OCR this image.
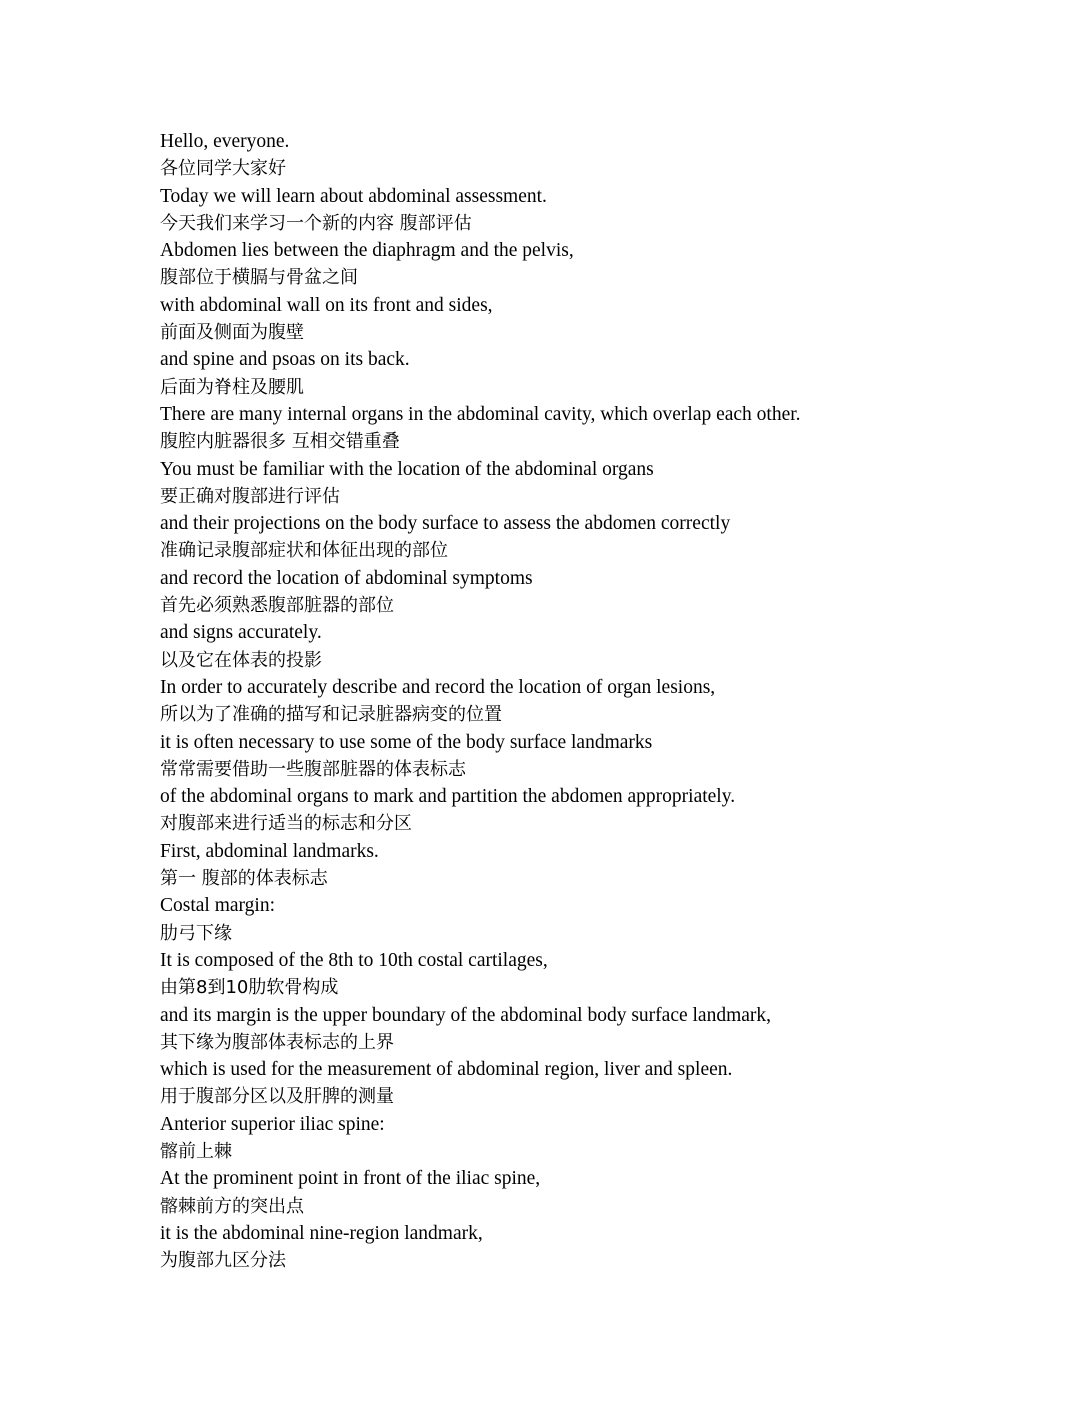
Hello, everyone.
各位同学大家好
Today we will learn about abdominal assessment.
今天我们来学习一个新的内容 腹部评估
Abdomen lies between the diaphragm and the pelvis,
腹部位于横膈与骨盆之间
with abdominal wall on its front and sides,
前面及侧面为腹壁
and spine and psoas on its back.
后面为脊柱及腰肌
There are many internal organs in the abdominal cavity, which overlap each other.
腹腔内脏器很多 互相交错重叠
You must be familiar with the location of the abdominal organs
要正确对腹部进行评估
and their projections on the body surface to assess the abdomen correctly
准确记录腹部症状和体征出现的部位
and record the location of abdominal symptoms
首先必须熟悉腹部脏器的部位
and signs accurately.
以及它在体表的投影
In order to accurately describe and record the location of organ lesions,
所以为了准确的描写和记录脏器病变的位置
it is often necessary to use some of the body surface landmarks
常常需要借助一些腹部脏器的体表标志
of the abdominal organs to mark and partition the abdomen appropriately.
对腹部来进行适当的标志和分区
First, abdominal landmarks.
第一 腹部的体表标志
Costal margin:
肋弓下缘
It is composed of the 8th to 10th costal cartilages,
由第8到10肋软骨构成
and its margin is the upper boundary of the abdominal body surface landmark,
其下缘为腹部体表标志的上界
which is used for the measurement of abdominal region, liver and spleen.
用于腹部分区以及肝脾的测量
Anterior superior iliac spine:
髂前上棘
At the prominent point in front of the iliac spine,
髂棘前方的突出点
it is the abdominal nine-region landmark,
为腹部九区分法
